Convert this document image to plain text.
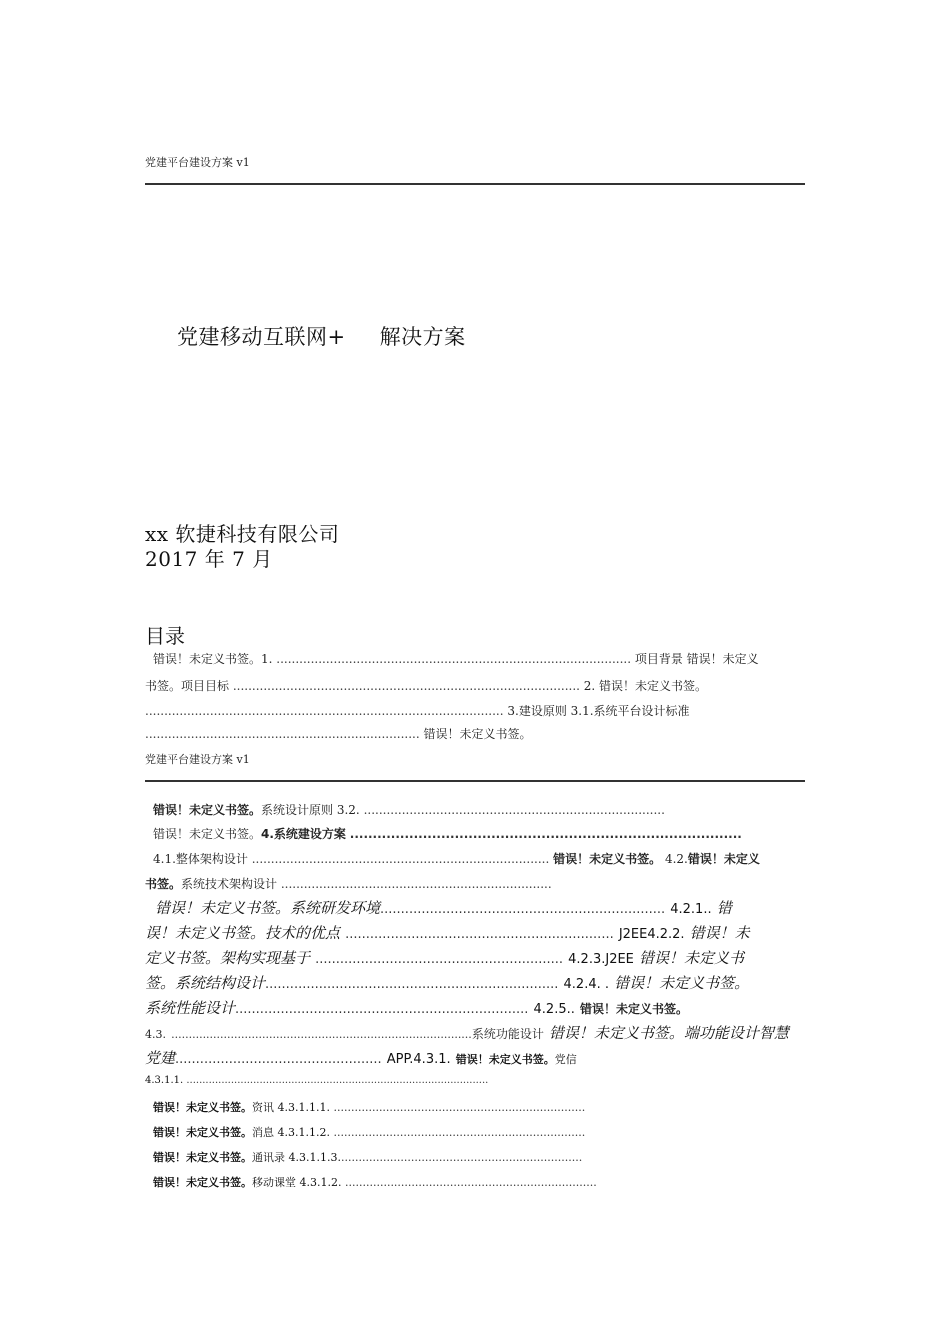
党建平台建设方案 v1
党建移动互联网+ 解决方案
xx 软捷科技有限公司
2017 年 7 月
目录
错误！未定义书签。1. ............................................................................................. 项目背景 错误！未定义
书签。项目目标 ........................................................................................... 2. 错误！未定义书签。
.............................................................................................. 3.建设原则 3.1.系统平台设计标准
........................................................................ 错误！未定义书签。
党建平台建设方案 v1
错误！未定义书签。系统设计原则 3.2. ...............................................................................
错误！未定义书签。4.系统建设方案 ......................................................................................
4.1.整体架构设计 .............................................................................. 错误！未定义书签。 4.2.错误！未定义
书签。系统技术架构设计 .......................................................................
错误！未定义书签。系统研发环境..................................................................... 4.2.1.. 错
误！未定义书签。技术的优点 ................................................................. J2EE4.2.2. 错误！未
定义书签。架构实现基于 ............................................................ 4.2.3.J2EE 错误！未定义书
签。系统结构设计....................................................................... 4.2.4. . 错误！未定义书签。
系统性能设计....................................................................... 4.2.5.. 错误！未定义书签。
4.3. ......................................................................................系统功能设计 错误！未定义书签。端功能设计智慧
党建.................................................. APP.4.3.1. 错误！未定义书签。党信
4.3.1.1. ...............................................................................................
错误！未定义书签。资讯 4.3.1.1.1. ........................................................................
错误！未定义书签。消息 4.3.1.1.2. ........................................................................
错误！未定义书签。通讯录 4.3.1.1.3......................................................................
错误！未定义书签。移动课堂 4.3.1.2. ........................................................................
